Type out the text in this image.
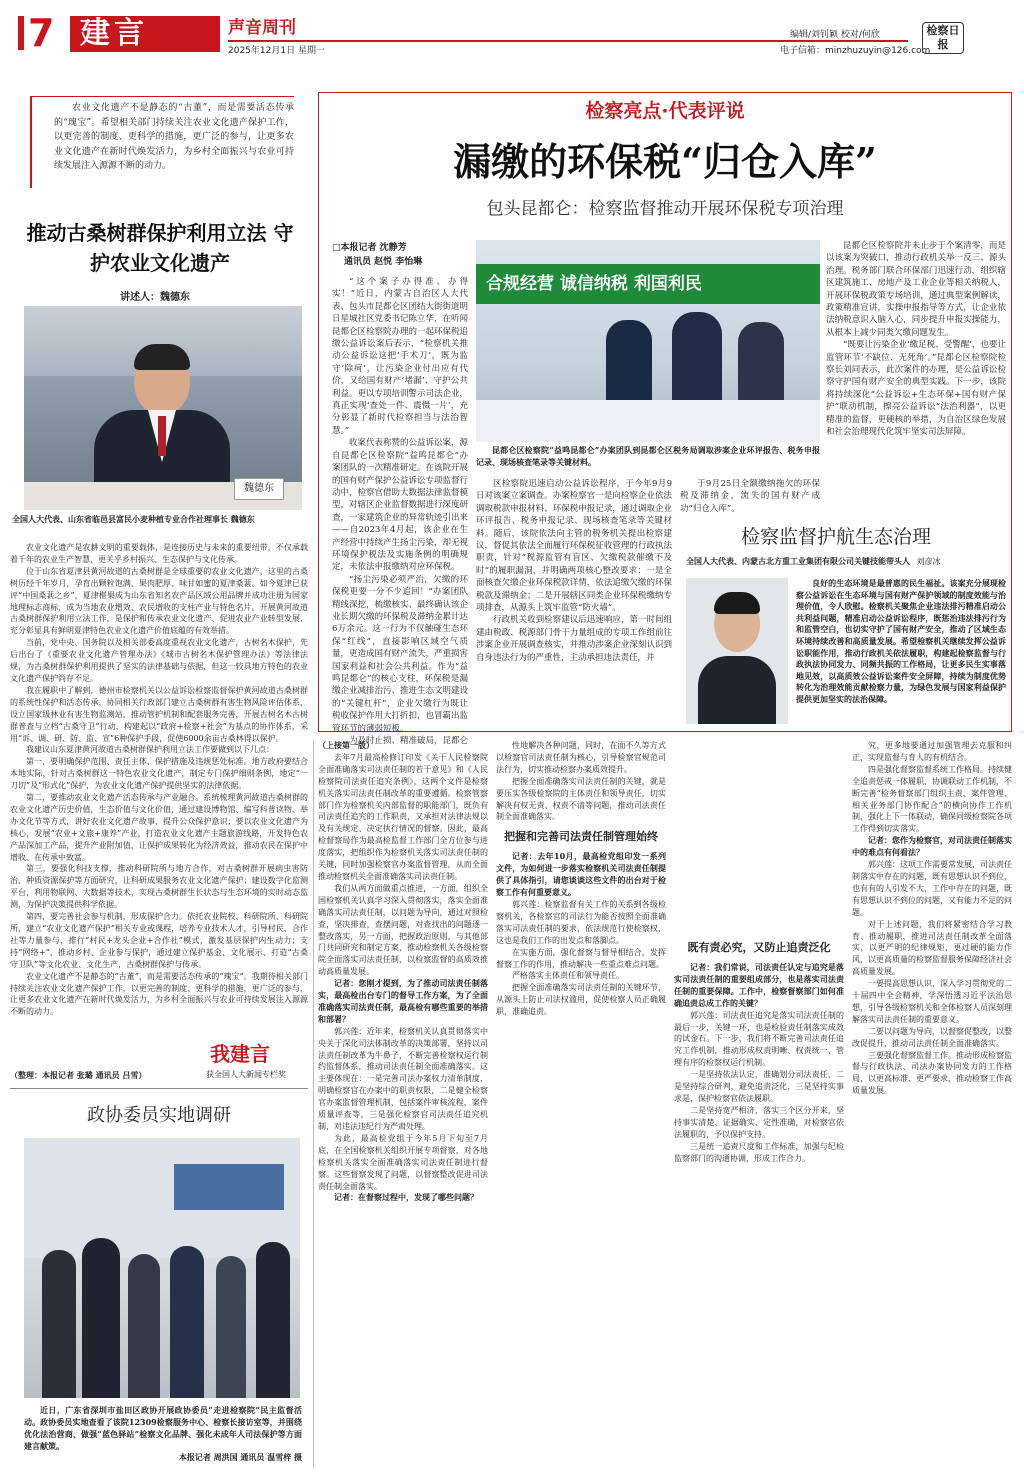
7 建言	声音周刊
2025年12月1日 星期一
编辑/刘钊颖 校对/何欣
电子信箱：minzhuzuyin@126.com
检察日报
农业文化遗产不是静态的“古董”，而是需要活态传承的“瑰宝”。希望相关部门持续关注农业文化遗产保护工作，以更完善的制度、更科学的措施，更广泛的参与，让更多农业文化遗产在新时代焕发活力，为乡村全面振兴与农业可持续发展注入源源不断的动力。
推动古桑树群保护利用立法 守护农业文化遗产
讲述人：魏德东
魏德东
全国人大代表、山东省临邑县富民小麦种植专业合作社理事长 魏德东

农业文化遗产是农耕文明的重要载体，是连接历史与未来的重要纽带，不仅承载着千年的农业生产智慧，更关乎乡村振兴、生态保护与文化传承。

位于山东省夏津县黄河故道的古桑树群是全球重要的农业文化遗产，这里的古桑树历经千年岁月，孕育出颗粒饱满、果肉肥厚、味甘如蜜的夏津桑葚。如今夏津已获评“中国桑葚之乡”，夏津椹果成为山东省知名农产品区域公用品牌并成功注册为国家地理标志商标，成为当地农业增效、农民增收的支柱产业与特色名片。开展黄河故道古桑树群保护利用立法工作，是保护和传承农业文化遗产、促进农业产业转型发展、充分彰显具有鲜明夏津特色农业文化遗产价值底蕴的有效举措。

当前，党中央、国务院以及相关部委高度重视农业文化遗产，古树名木保护，先后出台了《重要农业文化遗产管理办法》《城市古树名木保护管理办法》等法律法规，为古桑树群保护利用提供了坚实的法律基础与依据，但这一较具地方特色的农业文化遗产保护尚存不足。

我在履职中了解到，德州市检察机关以公益诉讼检察监督保护黄河故道古桑树群的系统性保护和活态传承，协同相关行政部门建立古桑树群有害生物风险评估体系，设立国家级林业有害生物监测站，推动管护机制和配套服务完善，开展古树名木古树群普查与立档“古桑守卫”行动，构建起以“政府+检察+社会”为基点的协作体系，采用“诉、调、研、防、监、宣”6种保护手段，促使6000余亩古桑林得以保护。

我建议山东夏津黄河故道古桑树群保护利用立法工作要做到以下几点：

第一，要明确保护范围、责任主体、保护措施及违规惩处标准。地方政府要结合本地实际，针对古桑树群这一特色农业文化遗产，制定专门保护细则条例，地定“一刀切”及“形式化”保护，为农业文化遗产保护提供坚实的法律依据。

第二，要推动农业文化遗产活态传承与产业融合。系统梳理黄河故道古桑树群的农业文化遗产历史价值，生态价值与文化价值，通过建设博物馆、编写科普读物、举办文化节等方式，讲好农业文化遗产故事，提升公众保护意识；要以农业文化遗产为核心，发展“农业+文旅+康养”产业，打造农业文化遗产主题旅游线路，开发特色农产品深加工产品，提升产业附加值，让保护成果转化为经济效益，推动农民在保护中增收、在传承中致富。

第三，要强化科技支撑，推动科研院所与地方合作，对古桑树群开展病虫害防治、种质资源保护等方面研究，让科研成果服务农业文化遗产保护；建设数字化监测平台，利用物联网、大数据等技术，实现古桑树群生长状态与生态环境的实时动态监测，为保护决策提供科学依据。

第四，要完善社会参与机制，形成保护合力。依托农业院校、科研院所、科研院所，建立“农业文化遗产保护”相关专业或课程，培养专业技术人才，引导村民、合作社等力量参与，推行“村民+龙头企业+合作社”模式，激发基层保护内生动力；支持“网络+”，推动乡村、企业参与保护，通过建立保护基金、文化展示、打造“古桑守卫队”等文化农业、文化生产，古桑树群保护与传承。

农业文化遗产不是静态的“古董”，而是需要活态传承的“瑰宝”。我期待相关部门持续关注农业文化遗产保护工作，以更完善的制度、更科学的措施，更广泛的参与，让更多农业文化遗产在新时代焕发活力，为乡村全面振兴与农业可持续发展注入源源不断的动力。

我建言
获全国人大新闻专栏奖
（整理：本报记者 张璐 通讯员 吕雪）
政协委员实地调研
近日，广东省深圳市盐田区政协开展政协委员“走进检察院”民主监督活动。政协委员实地查看了该院12309检察服务中心、检察长接访室等，并围绕优化法治营商、做强“蓝色驿站”检察文化品牌、强化未成年人司法保护等方面建言献策。
本报记者 周洪国 通讯员 温雪梓 摄
检察亮点·代表评说
漏缴的环保税“归仓入库”
包头昆都仑：检察监督推动开展环保税专项治理
□本报记者 沈静芳
通讯员 赵悦 李怡琳

“这个案子办得准、办得实！”近日，内蒙古自治区人大代表、包头市昆都仑区团结大街街道明日星城社区党委书记陈立华，在听闻昆都仑区检察院办理的一起环保税追缴公益诉讼案后表示，“检察机关推动公益诉讼这把‘手术刀’，既为监守‘除疴’，让污染企业付出应有代价，又给国有财产‘堵漏’、守护公共利益。更以专项培训警示司法企业，真正实现‘查处一件、震慑一片’，充分彰显了新时代检察担当与法治智慧。”

收案代表称赞的公益诉讼案，源自昆都仑区检察院“益鸣昆都仑”办案团队的一次精准研定。在该院开展的国有财产保护公益诉讼专项监督行动中，检察官借助大数据法律监督模型，对辖区企业监督数据进行深度研查，一家建筑企业的异常轨迹引出来——自2023年4月起，该企业在生产经营中持续产生扬尘污染，却无视环境保护税法及实施条例的明确规定，未依法申报缴纳对应环保税。

“扬尘污染必须严治，欠缴的环保税更要一分不少追回！”办案团队精线深挖，梳缴核实、最终确认该企业长期欠缴的环保税及滞纳金累计达6万余元。这一行为不仅触碰生态环保“红线”，直接影响区域空气质量，更造成国有财产流失，严重损害国家利益和社会公共利益。作为“益鸣昆都仑”的核心支柱，环保税是漏缴企业减排治污、推进生态文明建设的“关键杠杆”，企业欠缴行为既让税收保护作用大打折扣，也冒霸出监管环节的薄弱短板。

为及时止损、精准破局，昆都仑

合规经营 诚信纳税 利国利民
昆都仑区检察院“益鸣昆都仑”办案团队到昆都仑区税务局调取涉案企业环评报告、税务申报记录、现场核查笔录等关键材料。

区检察院迅速启动公益诉讼程序，于今年9月9日对该案立案调查。办案检察官一是向检察企业依法调取税款申报材料、环保税申报记录，通过调取企业环评报告、税务申报记录、现场核查笔录等关键材料。随后，该院依法向主管的税务机关提出检察建议，督促其依法全面履行环保税征收管理的行政执法职责，针对“税源监管有盲区、欠缴税款催缴不及时”的履职漏洞，并明确两项核心整改要求：一是全面核查欠缴企业环保税款详情，依法追缴欠缴的环保税款及滞纳金；二是开展辖区同类企业环保税缴纳专项排查，从源头上筑牢监管“防火墙”。

行政机关收到检察建议后迅速响应，第一时间组建由税政、税源部门骨干力量组成的专项工作组前往涉案企业开展调查核实，并推动涉案企业深刻认识到自身违法行为的严重性，主动承担违法责任，并

于9月25日全额缴纳拖欠的环保税及滞纳金，流失的国有财产成功“归仓入库”。

昆都仑区检察院并未止步于个案清零，而是以该案为突破口，推动行政机关举一反三、源头治理。税务部门联合环保部门迅速行动，组织辖区建筑施工、房地产及工业企业等相关纳税人，开展环保税政策专场培训，通过典型案例解读，政策精准宣讲，实操申报指导等方式，让企业依法纳税意识入脑入心，同步提升申报实操能力，从根本上减少同类欠缴问题发生。

“既要让污染企业‘缴足税、受警醒’，也要让监管环节‘不缺位、无死角’。”昆都仑区检察院检察长刘同表示，此次案件的办理，是公益诉讼检察守护国有财产安全的典型实践。下一步，该院将持续深化“公益诉讼+生态环保+国有财产保护”联动机制，擦亮公益诉讼“法治利器”，以更精准的监督，更硬核的举措，为自治区绿色发展和社会治理现代化筑牢坚实司法屏障。

检察监督护航生态治理
全国人大代表、内蒙古北方重工业集团有限公司关键技能带头人 刘彦冰
良好的生态环境是最普惠的民生福祉。该案充分展现检察公益诉讼在生态环境与国有财产保护领域的制度效能与治理价值，令人欣慰。检察机关聚焦企业违法排污精准启动公共利益问题，精准启动公益诉讼程序，既惩治违法排污行为和监管空白，也切实守护了国有财产安全，推动了区域生态环境持续改善和高质量发展。希望检察机关继续发挥公益诉讼职能作用，推动行政机关依法履职，构建起检察监督与行政执法协同发力、同频共振的工作格局，让更多民生实事落地见效，以高质效公益诉讼案件安全屏障，持续为制度优势转化为治理效能贡献检察力量，为绿色发展与国家利益保护提供更加坚实的法治保障。

（上接第一版）

去年7月最高检修订印发《关于人民检察院全面准确落实司法责任制的若干意见》和《人民检察院司法责任追究条例》，这两个文件是检察机关落实司法责任制改革的重要遵循。检察管察部门作为检察机关内部监督的职能部门，既负有司法责任追究的工作职责，又承担对法律法规以及有关规定、决定执行情况的督察。因此，最高检督察局作为最高检监督工作部门全方位参与进度落实，把组织作为检察机关落实司法责任制的关键，同时加强检察官办案监督管理，从而全面推动检察机关全面准确落实司法责任制。

我们从两方面做重点推进，一方面，组织全国检察机关认真学习深入贯彻落实，落实全面准确落实司法责任制，以问题为导向，通过对照检查，坚决排查，查摆问题，对查找出的问题逐一整改落实，另一方面，把握政治原则，与其他部门共同研究和制定方案，推动检察机关各级检察院全面落实司法责任制，以检察监督的高质效推动高质量发展。

记者：您刚才提到，为了推动司法责任制落实，最高检出台专门的督导工作方案，为了全面准确落实司法责任制，最高检有哪些重要的举措和部署？

郭兴莲：近年来，检察机关认真贯彻落实中央关于深化司法体制改革的决策部署，坚持以司法责任制改革为牛鼻子，不断完善检察权运行制约监督体系，推动司法责任制全面准确落实。这主要体现在：一是完善司法办案权力清单制度，明确检察官在办案中的职责权限，二是健全检察官办案监督管理机制，包括案件审核流程，案件质量评查等，三是强化检察官司法责任追究机制，对违法违纪行为严肃处理。

为此，最高检党组于今年5月下旬至7月底，在全国检察机关组织开展专项督察，对各地检察机关落实全面准确落实司法责任制进行督察。这些督察发现了问题，以督察整改促进司法责任制全面落实。

记者：在督察过程中，发现了哪些问题？

性地解决各种问题，同时，在面不久等方式以检察官司法责任制为核心，引导检察官规范司法行为，切实推动检察办案质效提升。

把握全面准确落实司法责任制的关键，就是要压实各级检察院的主体责任和领导责任，切实解决有权无责、权责不清等问题，推动司法责任制全面准确落实。

把握和完善司法责任制管理始终

记者：去年10月，最高检党组印发一系列文件，为如何进一步落实检察机关司法责任制提供了具体指引，请您谈谈这些文件的出台对于检察工作有何重要意义。

郭兴莲：检察监督有关工作的关系到各级检察机关，各检察官的司法行为能否按照全面准确落实司法责任制的要求，依法规范行使检察权，这也是我们工作的出发点和落脚点。

在实施方面，强化督察与督导相结合，发挥督察工作的作用，推动解决一些重点难点问题。

严格落实主体责任和领导责任。

把握全面准确落实司法责任制的关键环节，从源头上防止司法权滥用，促使检察人员正确履职，准确追责。

既有责必究，又防止追责泛化

记者：我们常说，司法责任认定与追究是落实司法责任制的重要组成部分，也是落实司法责任制的重要保障。工作中，检察督察部门如何准确追责总成工作的关键？

郭兴莲：司法责任追究是落实司法责任制的最后一步，关键一环，也是检验责任制落实成效的试金石。下一步，我们将不断完善司法责任追究工作机制，推动形成权责明晰、权责统一、管理有序的检察权运行机制。

一是坚持依法认定，准确划分司法责任，二是坚持综合研判，避免追责泛化，三是坚持实事求是，保护检察官依法履职。

二是坚持宽严相济，落实三个区分开来，坚持事实清楚、证据确实、定性准确，对检察官依法履职的，予以保护支持。

三是统一追责尺度和工作标准，加强与纪检监察部门的沟通协调，形成工作合力。

究，更多地要通过加强管理去克服和纠正，实现监督与育人的有机结合。

四是强化督察监督系统工作格局。持续健全追责惩戒一体履职，协调联动工作机制，不断完善“检务督察部门组织主责、案件管理、相关业务部门协作配合”的横向协作工作机制，强化上下一体联动，确保同级检察院各项工作得到切实落实。

记者：您作为检察官，对司法责任制落实中的难点有何看法？

郭兴莲：这项工作需要常发展，司法责任制落实中存在的问题，既有思想认识不到位，也有有的人引发不大，工作中存在的问题，既有思想认识不到位的问题，又有能力不足的问题。

对于上述问题，我们将紧密结合学习教育、推动履职，推进司法责任制改革全面落实，以更严明的纪律规矩、更过硬的能力作风，以更高质量的检察监督服务保障经济社会高质量发展。

一要提高思想认识，深入学习贯彻党的二十届四中全会精神，学深悟透习近平法治思想，引导各级检察机关和全体检察人员深刻理解落实司法责任制的重要意义。

二要以问题为导向，以督察促整改，以整改促提升，推动司法责任制全面准确落实。

三要强化督察监督工作。推动形成检察监督与行政执法、司法办案协同发力的工作格局，以更高标准、更严要求，推动检察工作高质量发展。
